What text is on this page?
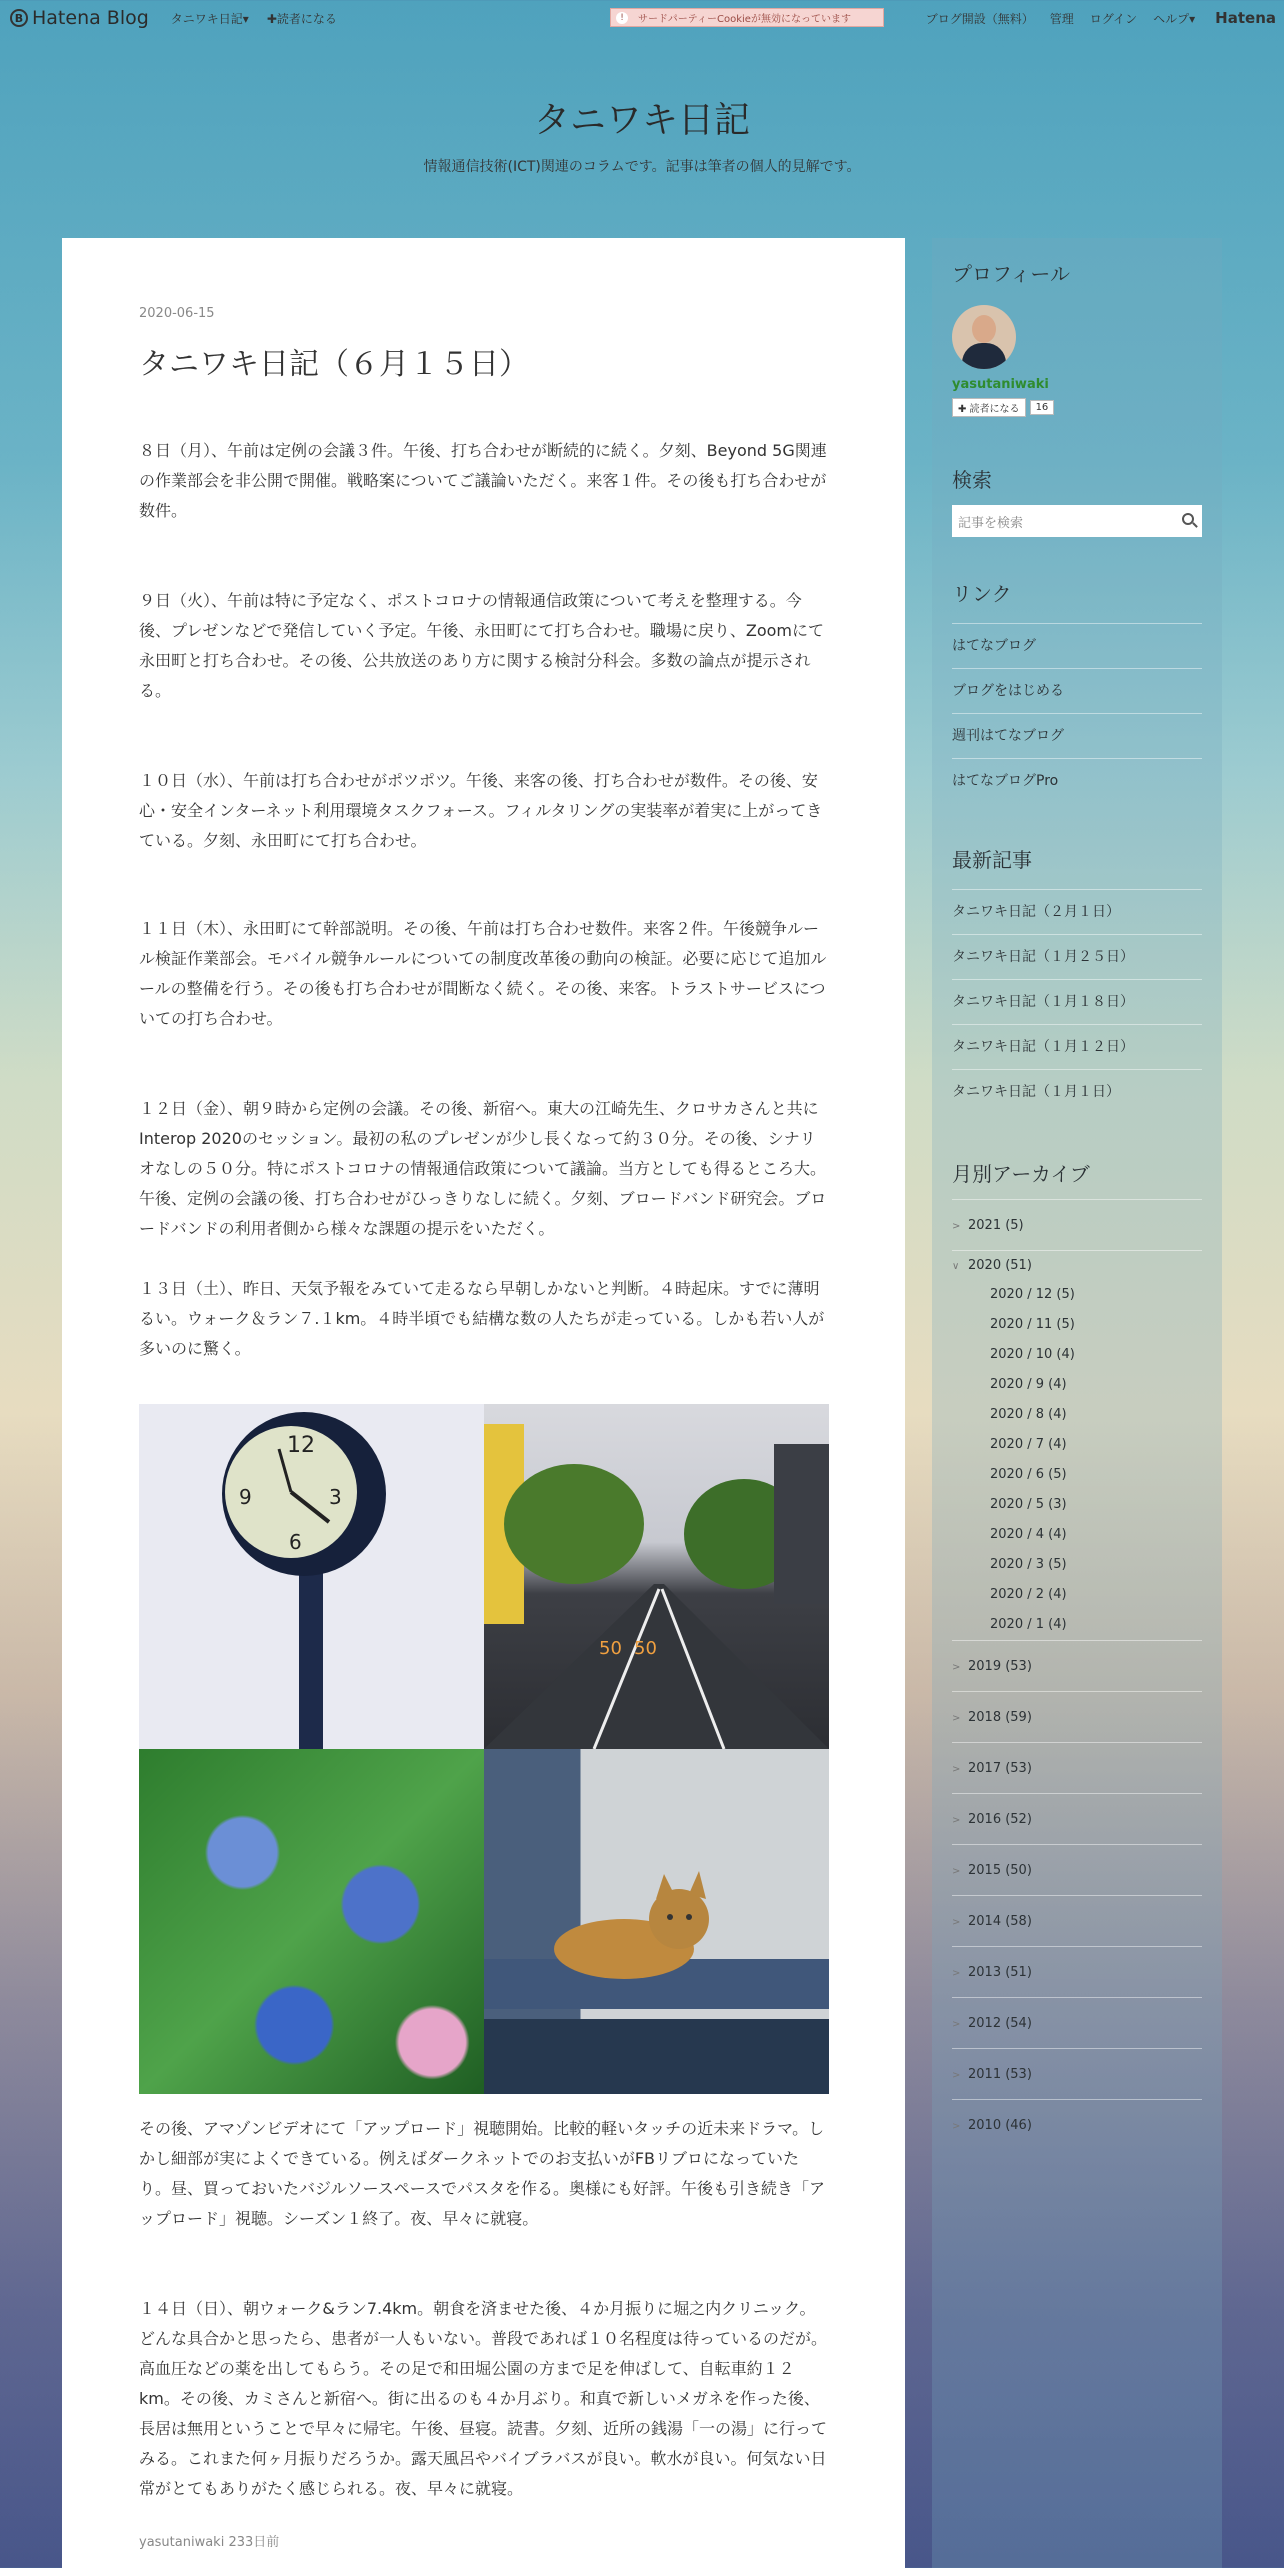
B Hatena Blog タニワキ日記▾ ✚読者になる	!	サードパーティーCookieが無効になっています	ブログ開設（無料） 管理 ログイン ヘルプ▾ Hatena
タニワキ日記
情報通信技術(ICT)関連のコラムです。記事は筆者の個人的見解です。
2020-06-15
タニワキ日記（６月１５日）

８日（月）、午前は定例の会議３件。午後、打ち合わせが断続的に続く。夕刻、Beyond 5G関連の作業部会を非公開で開催。戦略案についてご議論いただく。来客１件。その後も打ち合わせが数件。

９日（火）、午前は特に予定なく、ポストコロナの情報通信政策について考えを整理する。今後、プレゼンなどで発信していく予定。午後、永田町にて打ち合わせ。職場に戻り、Zoomにて永田町と打ち合わせ。その後、公共放送のあり方に関する検討分科会。多数の論点が提示される。

１０日（水）、午前は打ち合わせがポツポツ。午後、来客の後、打ち合わせが数件。その後、安心・安全インターネット利用環境タスクフォース。フィルタリングの実装率が着実に上がってきている。夕刻、永田町にて打ち合わせ。

１１日（木）、永田町にて幹部説明。その後、午前は打ち合わせ数件。来客２件。午後競争ルール検証作業部会。モバイル競争ルールについての制度改革後の動向の検証。必要に応じて追加ルールの整備を行う。その後も打ち合わせが間断なく続く。その後、来客。トラストサービスについての打ち合わせ。

１２日（金）、朝９時から定例の会議。その後、新宿へ。東大の江崎先生、クロサカさんと共にInterop 2020のセッション。最初の私のプレゼンが少し長くなって約３０分。その後、シナリオなしの５０分。特にポストコロナの情報通信政策について議論。当方としても得るところ大。午後、定例の会議の後、打ち合わせがひっきりなしに続く。夕刻、ブロードバンド研究会。ブロードバンドの利用者側から様々な課題の提示をいただく。

１３日（土）、昨日、天気予報をみていて走るなら早朝しかないと判断。４時起床。すでに薄明るい。ウォーク＆ラン７.１km。４時半頃でも結構な数の人たちが走っている。しかも若い人が多いのに驚く。

12
3
6
9
50 50

その後、アマゾンビデオにて「アップロード」視聴開始。比較的軽いタッチの近未来ドラマ。しかし細部が実によくできている。例えばダークネットでのお支払いがFBリブロになっていたり。昼、買っておいたバジルソースペースでパスタを作る。奥様にも好評。午後も引き続き「アップロード」視聴。シーズン１終了。夜、早々に就寝。

１４日（日）、朝ウォーク&ラン7.4km。朝食を済ませた後、４か月振りに堀之内クリニック。どんな具合かと思ったら、患者が一人もいない。普段であれば１０名程度は待っているのだが。高血圧などの薬を出してもらう。その足で和田堀公園の方まで足を伸ばして、自転車約１２km。その後、カミさんと新宿へ。街に出るのも４か月ぶり。和真で新しいメガネを作った後、長居は無用ということで早々に帰宅。午後、昼寝。読書。夕刻、近所の銭湯「一の湯」に行ってみる。これまた何ヶ月振りだろうか。露天風呂やバイブラバスが良い。軟水が良い。何気ない日常がとてもありがたく感じられる。夜、早々に就寝。

yasutaniwaki 233日前
プロフィール
yasutaniwaki
✚ 読者になる	16
検索
記事を検索
リンク
はてなブログ
ブログをはじめる
週刊はてなブログ
はてなブログPro
最新記事
タニワキ日記（２月１日）
タニワキ日記（１月２５日）
タニワキ日記（１月１８日）
タニワキ日記（１月１２日）
タニワキ日記（１月１日）
月別アーカイブ
> 2021 (5)
∨ 2020 (51)
2020 / 12 (5)
2020 / 11 (5)
2020 / 10 (4)
2020 / 9 (4)
2020 / 8 (4)
2020 / 7 (4)
2020 / 6 (5)
2020 / 5 (3)
2020 / 4 (4)
2020 / 3 (5)
2020 / 2 (4)
2020 / 1 (4)
> 2019 (53)
> 2018 (59)
> 2017 (53)
> 2016 (52)
> 2015 (50)
> 2014 (58)
> 2013 (51)
> 2012 (54)
> 2011 (53)
> 2010 (46)
